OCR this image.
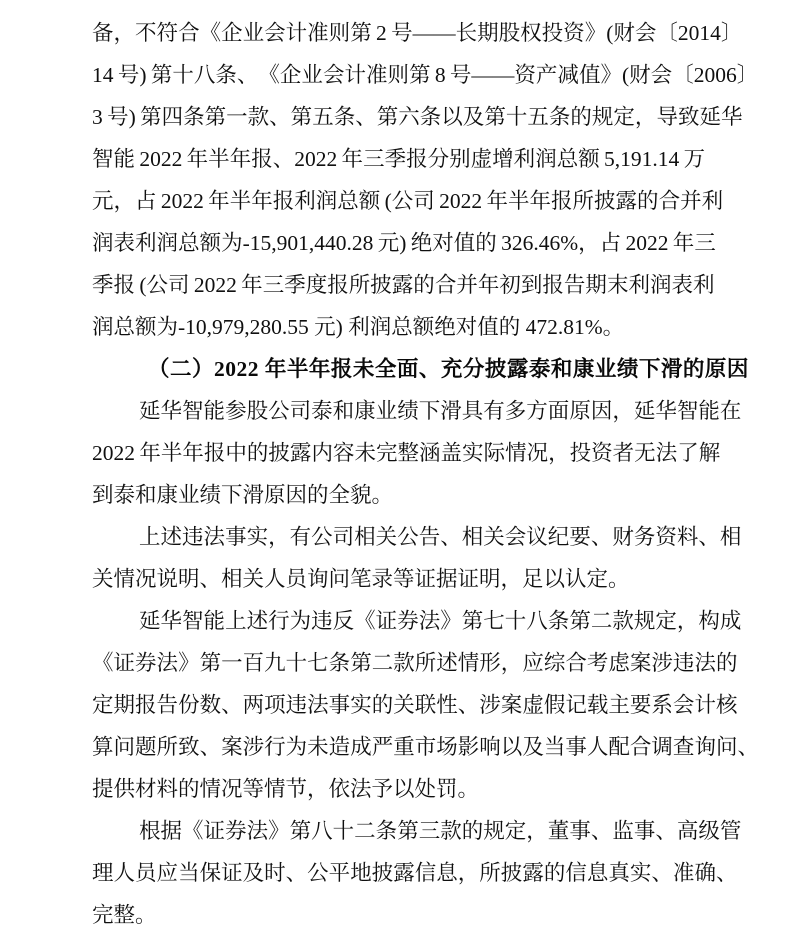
备 ， 不 符 合 《 企 业 会 计 准 则 第
  2
  号 — — 长 期 股 权 投 资 》 ( 财 会 〔 2 0 1 4 〕
1 4
  号 )
  第 十 八 条 、 《 企 业 会 计 准 则 第
  8
  号 — — 资 产 减 值 》 ( 财 会 〔 2 0 0 6 〕
3
  号 )
  第 四 条 第 一 款 、 第 五 条 、 第 六 条 以 及 第 十 五 条 的 规 定 ， 导 致 延 华
智 能
  2 0 2 2
  年 半 年 报 、 2 0 2 2
  年 三 季 报 分 别 虚 增 利 润 总 额
  5 , 1 9 1 . 1 4
  万
元 ， 占
  2 0 2 2
  年 半 年 报 利 润 总 额
  ( 公 司
  2 0 2 2
  年 半 年 报 所 披 露 的 合 并 利
润 表 利 润 总 额 为 - 1 5 , 9 0 1 , 4 4 0 . 2 8
  元 )
  绝 对 值 的
  3 2 6 . 4 6 % ， 占
  2 0 2 2
  年 三
季 报
  ( 公 司
  2 0 2 2
  年 三 季 度 报 所 披 露 的 合 并 年 初 到 报 告 期 末 利 润 表 利
润总额为-10,979,280.55 元) 利润总额绝对值的 472.81%。
（二）2022 年半年报未全面、充分披露泰和康业绩下滑的原因
延 华 智 能 参 股 公 司 泰 和 康 业 绩 下 滑 具 有 多 方 面 原 因 ， 延 华 智 能 在
2 0 2 2
  年 半 年 报 中 的 披 露 内 容 未 完 整 涵 盖 实 际 情 况 ， 投 资 者 无 法 了 解
到泰和康业绩下滑原因的全貌。
上 述 违 法 事 实 ， 有 公 司 相 关 公 告 、 相 关 会 议 纪 要 、 财 务 资 料 、 相
关情况说明、相关人员询问笔录等证据证明，足以认定。
延 华 智 能 上 述 行 为 违 反 《 证 券 法 》 第 七 十 八 条 第 二 款 规 定 ， 构 成
《 证 券 法 》 第 一 百 九 十 七 条 第 二 款 所 述 情 形 ， 应 综 合 考 虑 案 涉 违 法 的
定 期 报 告 份 数 、 两 项 违 法 事 实 的 关 联 性 、 涉 案 虚 假 记 载 主 要 系 会 计 核
算 问 题 所 致 、 案 涉 行 为 未 造 成 严 重 市 场 影 响 以 及 当 事 人 配 合 调 查 询 问 、
提供材料的情况等情节，依法予以处罚。
根 据 《 证 券 法 》 第 八 十 二 条 第 三 款 的 规 定 ， 董 事 、 监 事 、 高 级 管
理 人 员 应 当 保 证 及 时 、 公 平 地 披 露 信 息 ， 所 披 露 的 信 息 真 实 、 准 确 、
完整。
